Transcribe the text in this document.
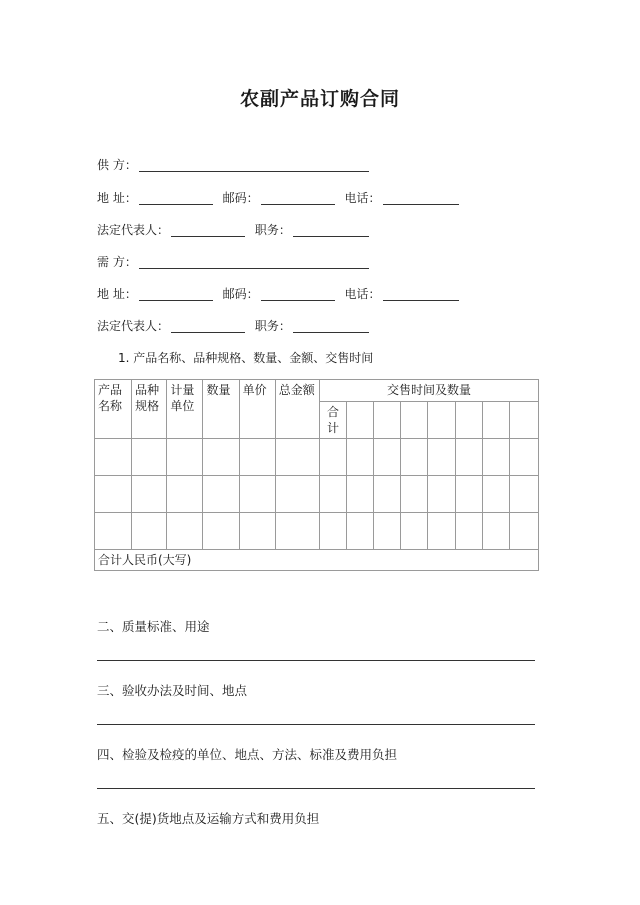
农副产品订购合同
供 方：
地 址：	邮码：	电话：
法定代表人：	职务：
需 方：
地 址：	邮码：	电话：
法定代表人：	职务：
1. 产品名称、品种规格、数量、金额、交售时间
产品名称	品种规格	计量单位	数量	单价	总金额	交售时间及数量							
						合计							

合计人民币(大写)													
二、质量标准、用途
三、验收办法及时间、地点
四、检验及检疫的单位、地点、方法、标准及费用负担
五、交(提)货地点及运输方式和费用负担
